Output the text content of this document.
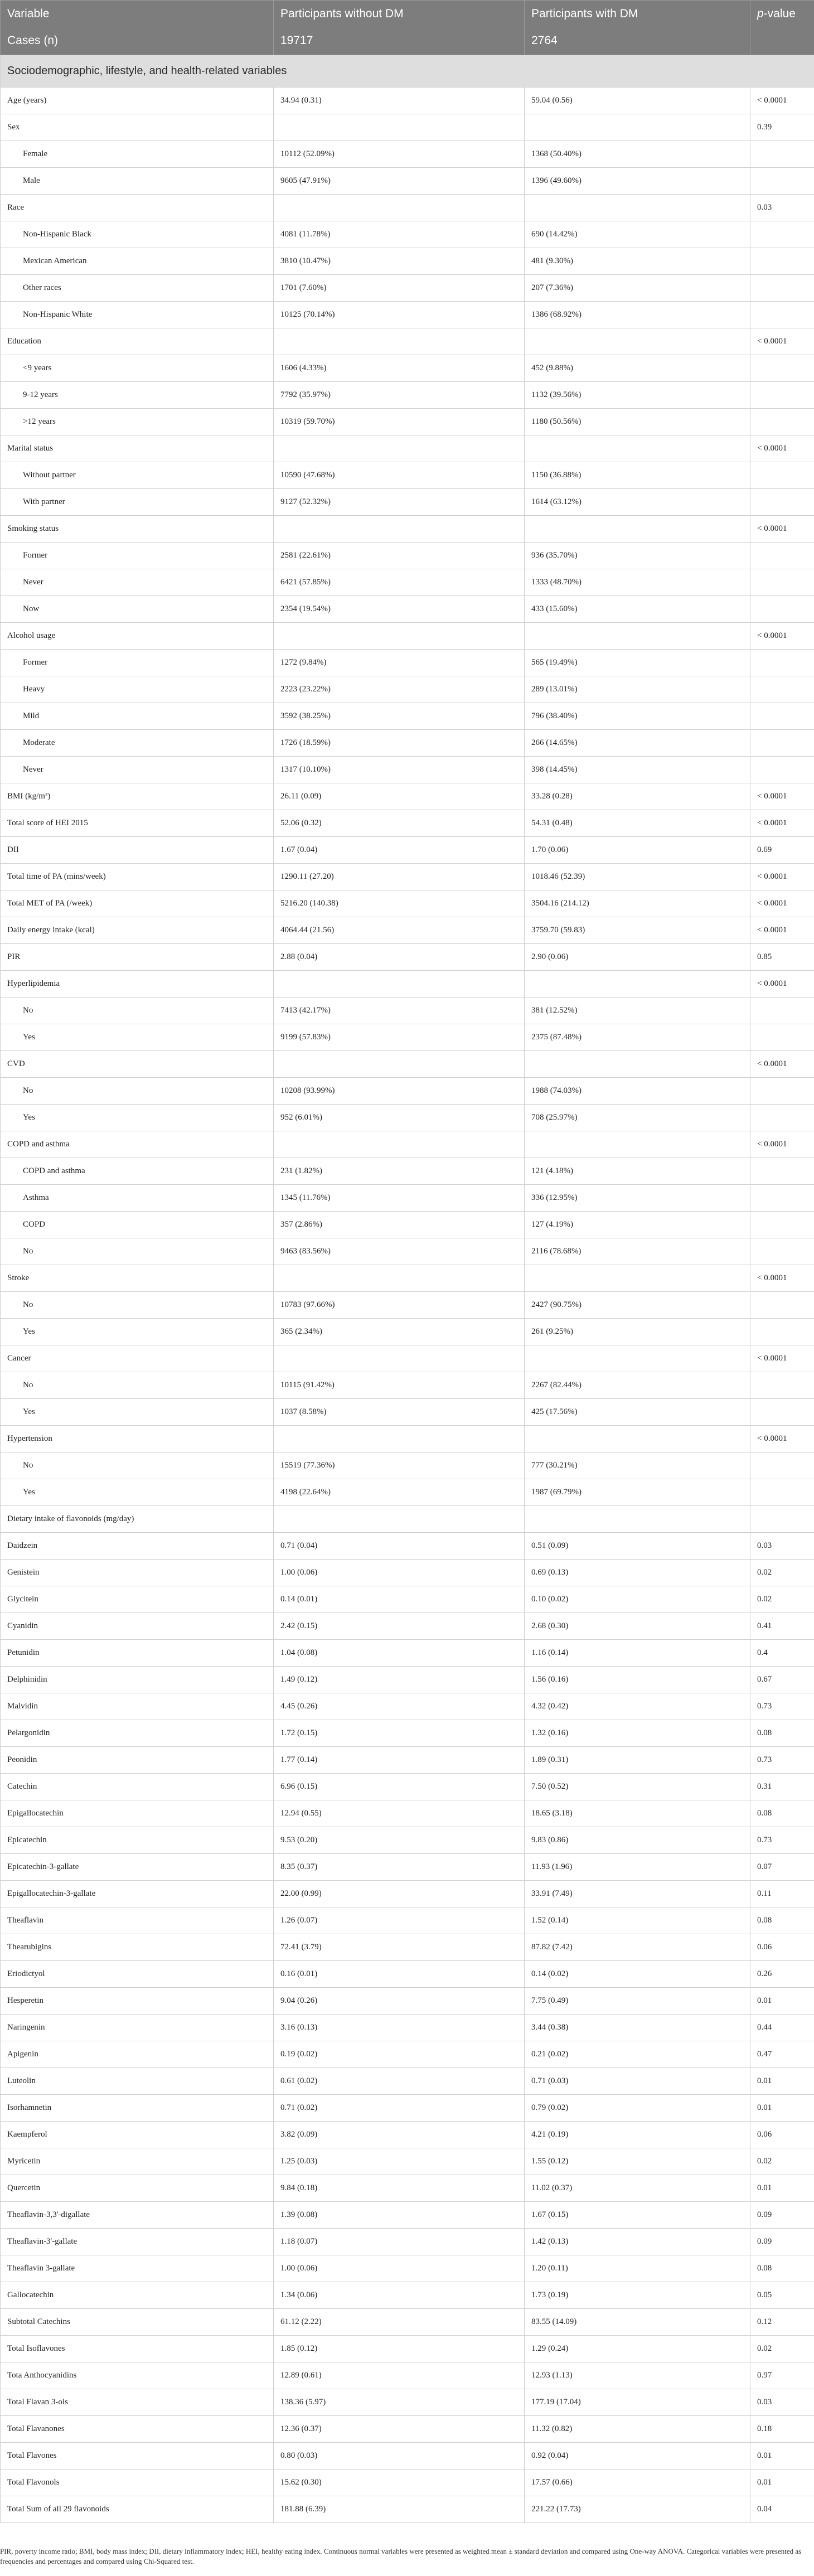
Variable	Participants without DM	Participants with DM	p-value
Cases (n)	19717	2764	
Sociodemographic, lifestyle, and health-related variables			
Age (years)	34.94 (0.31)	59.04 (0.56)	< 0.0001
Sex			0.39
Female	10112 (52.09%)	1368 (50.40%)	
Male	9605 (47.91%)	1396 (49.60%)	
Race			0.03
Non-Hispanic Black	4081 (11.78%)	690 (14.42%)	
Mexican American	3810 (10.47%)	481 (9.30%)	
Other races	1701 (7.60%)	207 (7.36%)	
Non-Hispanic White	10125 (70.14%)	1386 (68.92%)	
Education			< 0.0001
<9 years	1606 (4.33%)	452 (9.88%)	
9-12 years	7792 (35.97%)	1132 (39.56%)	
>12 years	10319 (59.70%)	1180 (50.56%)	
Marital status			< 0.0001
Without partner	10590 (47.68%)	1150 (36.88%)	
With partner	9127 (52.32%)	1614 (63.12%)	
Smoking status			< 0.0001
Former	2581 (22.61%)	936 (35.70%)	
Never	6421 (57.85%)	1333 (48.70%)	
Now	2354 (19.54%)	433 (15.60%)	
Alcohol usage			< 0.0001
Former	1272 (9.84%)	565 (19.49%)	
Heavy	2223 (23.22%)	289 (13.01%)	
Mild	3592 (38.25%)	796 (38.40%)	
Moderate	1726 (18.59%)	266 (14.65%)	
Never	1317 (10.10%)	398 (14.45%)	
BMI (kg/m²)	26.11 (0.09)	33.28 (0.28)	< 0.0001
Total score of HEI 2015	52.06 (0.32)	54.31 (0.48)	< 0.0001
DII	1.67 (0.04)	1.70 (0.06)	0.69
Total time of PA (mins/week)	1290.11 (27.20)	1018.46 (52.39)	< 0.0001
Total MET of PA (/week)	5216.20 (140.38)	3504.16 (214.12)	< 0.0001
Daily energy intake (kcal)	4064.44 (21.56)	3759.70 (59.83)	< 0.0001
PIR	2.88 (0.04)	2.90 (0.06)	0.85
Hyperlipidemia			< 0.0001
No	7413 (42.17%)	381 (12.52%)	
Yes	9199 (57.83%)	2375 (87.48%)	
CVD			< 0.0001
No	10208 (93.99%)	1988 (74.03%)	
Yes	952 (6.01%)	708 (25.97%)	
COPD and asthma			< 0.0001
COPD and asthma	231 (1.82%)	121 (4.18%)	
Asthma	1345 (11.76%)	336 (12.95%)	
COPD	357 (2.86%)	127 (4.19%)	
No	9463 (83.56%)	2116 (78.68%)	
Stroke			< 0.0001
No	10783 (97.66%)	2427 (90.75%)	
Yes	365 (2.34%)	261 (9.25%)	
Cancer			< 0.0001
No	10115 (91.42%)	2267 (82.44%)	
Yes	1037 (8.58%)	425 (17.56%)	
Hypertension			< 0.0001
No	15519 (77.36%)	777 (30.21%)	
Yes	4198 (22.64%)	1987 (69.79%)	
Dietary intake of flavonoids (mg/day)			
Daidzein	0.71 (0.04)	0.51 (0.09)	0.03
Genistein	1.00 (0.06)	0.69 (0.13)	0.02
Glycitein	0.14 (0.01)	0.10 (0.02)	0.02
Cyanidin	2.42 (0.15)	2.68 (0.30)	0.41
Petunidin	1.04 (0.08)	1.16 (0.14)	0.4
Delphinidin	1.49 (0.12)	1.56 (0.16)	0.67
Malvidin	4.45 (0.26)	4.32 (0.42)	0.73
Pelargonidin	1.72 (0.15)	1.32 (0.16)	0.08
Peonidin	1.77 (0.14)	1.89 (0.31)	0.73
Catechin	6.96 (0.15)	7.50 (0.52)	0.31
Epigallocatechin	12.94 (0.55)	18.65 (3.18)	0.08
Epicatechin	9.53 (0.20)	9.83 (0.86)	0.73
Epicatechin-3-gallate	8.35 (0.37)	11.93 (1.96)	0.07
Epigallocatechin-3-gallate	22.00 (0.99)	33.91 (7.49)	0.11
Theaflavin	1.26 (0.07)	1.52 (0.14)	0.08
Thearubigins	72.41 (3.79)	87.82 (7.42)	0.06
Eriodictyol	0.16 (0.01)	0.14 (0.02)	0.26
Hesperetin	9.04 (0.26)	7.75 (0.49)	0.01
Naringenin	3.16 (0.13)	3.44 (0.38)	0.44
Apigenin	0.19 (0.02)	0.21 (0.02)	0.47
Luteolin	0.61 (0.02)	0.71 (0.03)	0.01
Isorhamnetin	0.71 (0.02)	0.79 (0.02)	0.01
Kaempferol	3.82 (0.09)	4.21 (0.19)	0.06
Myricetin	1.25 (0.03)	1.55 (0.12)	0.02
Quercetin	9.84 (0.18)	11.02 (0.37)	0.01
Theaflavin-3,3'-digallate	1.39 (0.08)	1.67 (0.15)	0.09
Theaflavin-3'-gallate	1.18 (0.07)	1.42 (0.13)	0.09
Theaflavin 3-gallate	1.00 (0.06)	1.20 (0.11)	0.08
Gallocatechin	1.34 (0.06)	1.73 (0.19)	0.05
Subtotal Catechins	61.12 (2.22)	83.55 (14.09)	0.12
Total Isoflavones	1.85 (0.12)	1.29 (0.24)	0.02
Tota Anthocyanidins	12.89 (0.61)	12.93 (1.13)	0.97
Total Flavan 3-ols	138.36 (5.97)	177.19 (17.04)	0.03
Total Flavanones	12.36 (0.37)	11.32 (0.82)	0.18
Total Flavones	0.80 (0.03)	0.92 (0.04)	0.01
Total Flavonols	15.62 (0.30)	17.57 (0.66)	0.01
Total Sum of all 29 flavonoids	181.88 (6.39)	221.22 (17.73)	0.04
PIR, poverty income ratio; BMI, body mass index; DII, dietary inflammatory index; HEI, healthy eating index. Continuous normal variables were presented as weighted mean ± standard deviation and compared using One-way ANOVA. Categorical variables were presented as frequencies and percentages and compared using Chi-Squared test.
